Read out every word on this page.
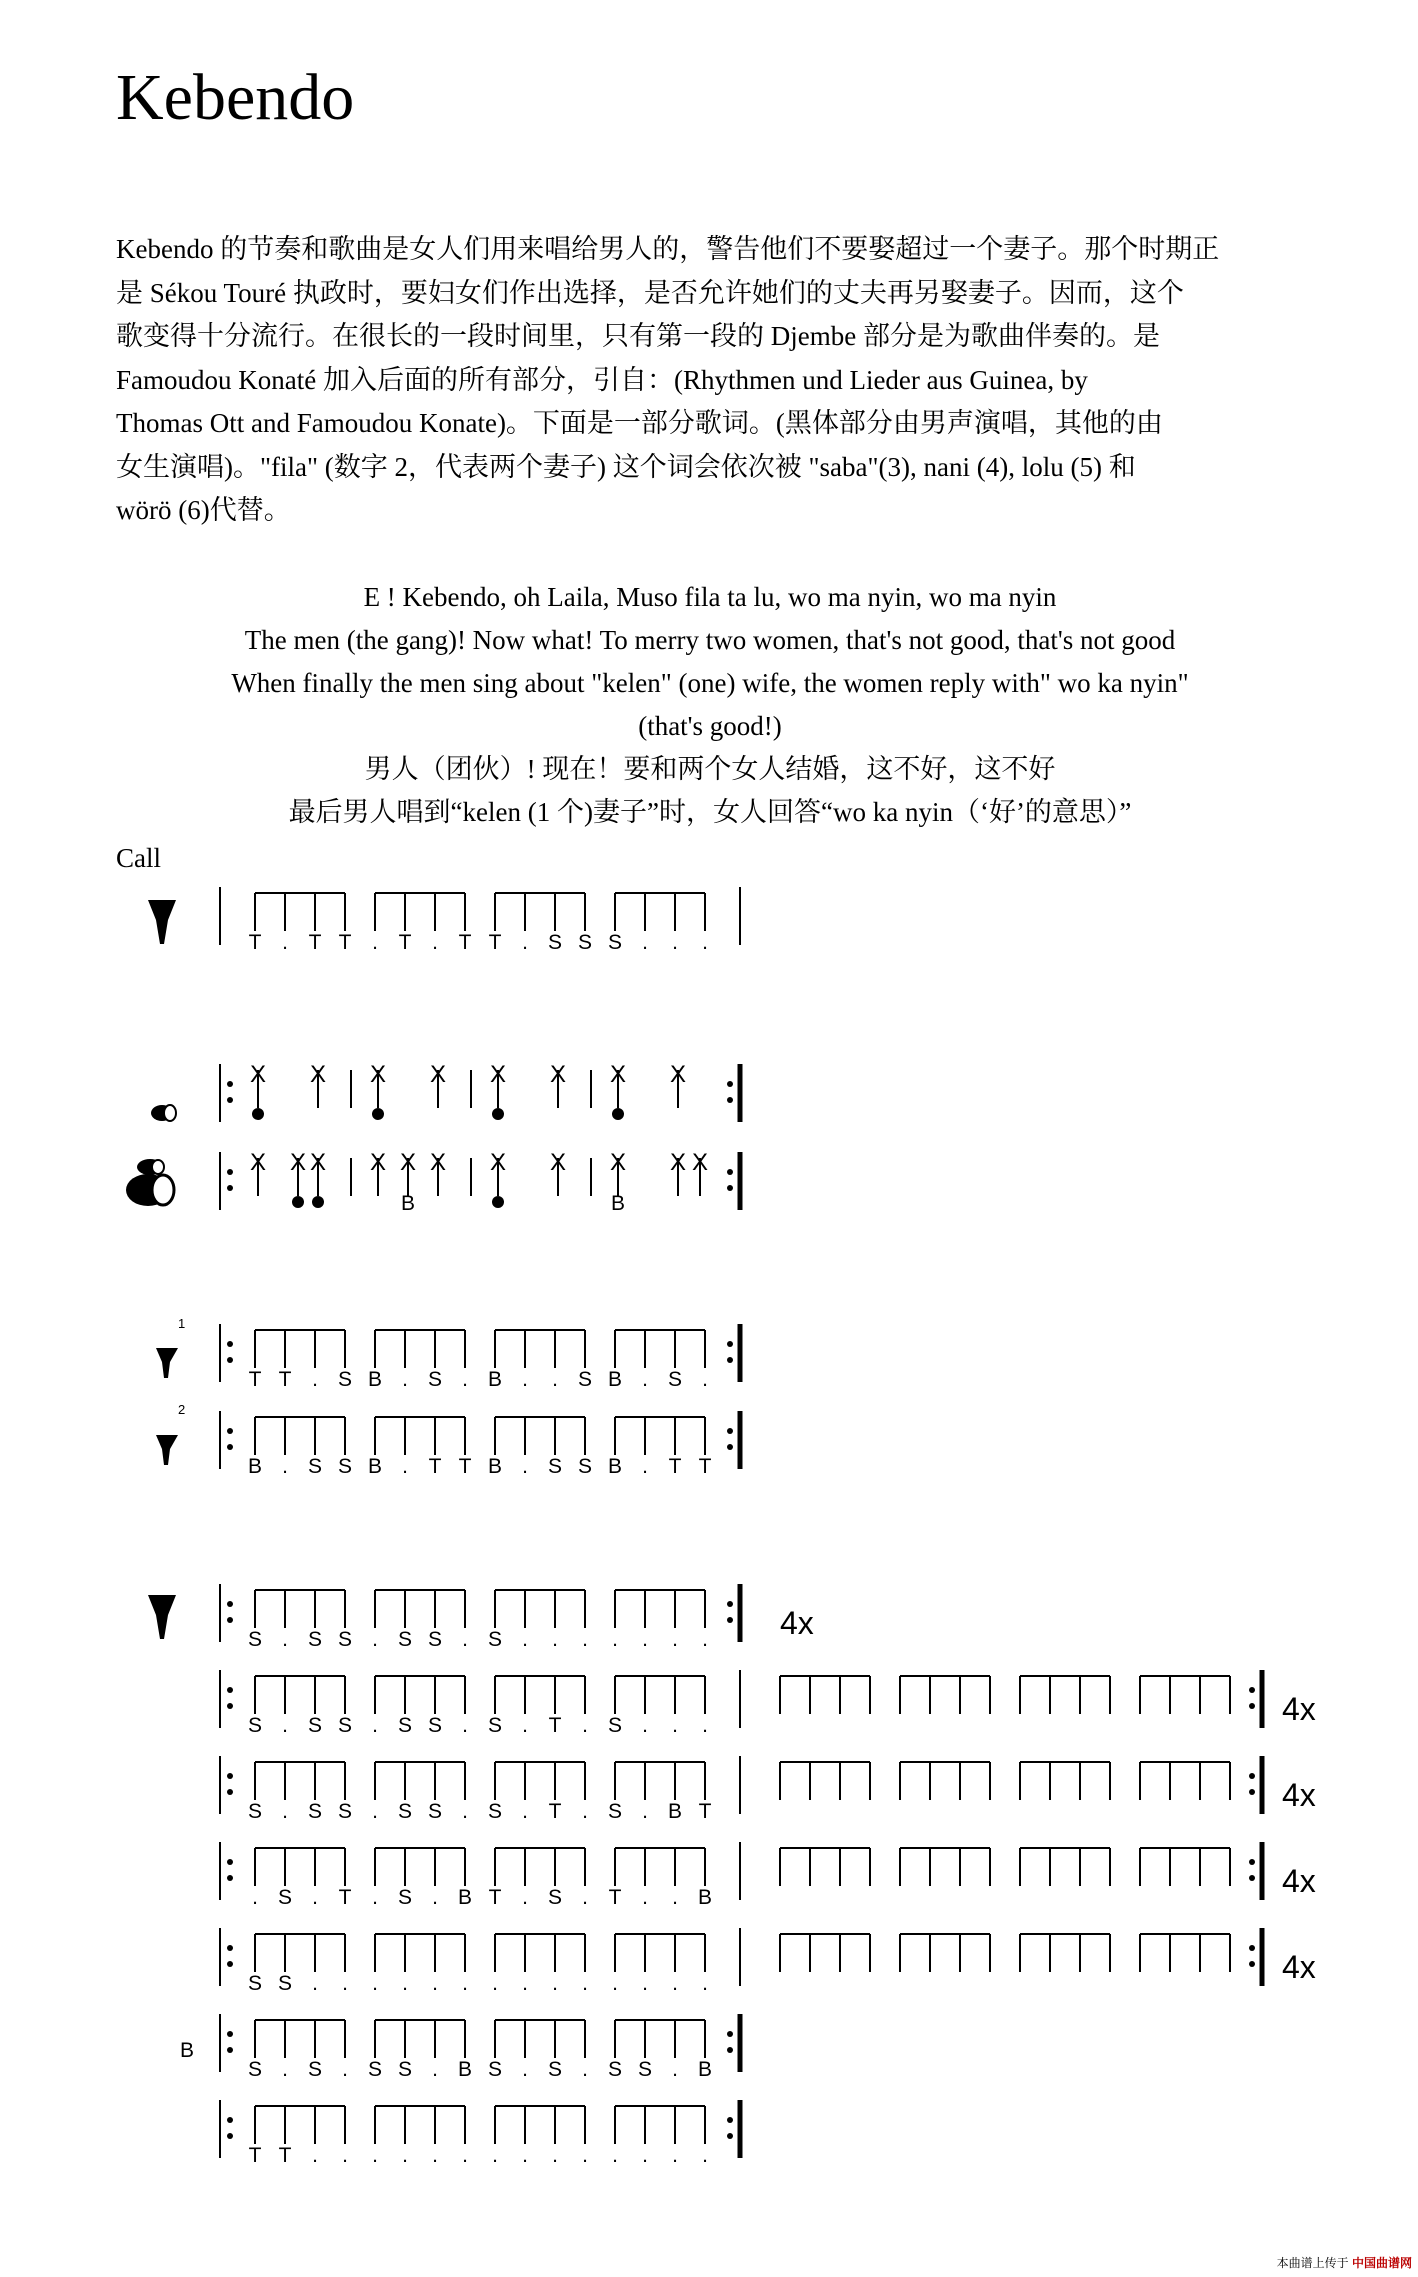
Kebendo
Kebendo 的节奏和歌曲是女人们用来唱给男人的，警告他们不要娶超过一个妻子。那个时期正
是 Sékou Touré 执政时，要妇女们作出选择，是否允许她们的丈夫再另娶妻子。因而，这个
歌变得十分流行。在很长的一段时间里，只有第一段的 Djembe 部分是为歌曲伴奏的。是
Famoudou Konaté 加入后面的所有部分，引自：(Rhythmen und Lieder aus Guinea, by
Thomas Ott and Famoudou Konate)。下面是一部分歌词。(黑体部分由男声演唱，其他的由
女生演唱)。"fila" (数字 2，代表两个妻子) 这个词会依次被 "saba"(3), nani (4), lolu (5) 和
wörö (6)代替。
E ! Kebendo, oh Laila, Muso fila ta lu, wo ma nyin, wo ma nyin
The men (the gang)! Now what! To merry two women, that's not good, that's not good
When finally the men sing about "kelen" (one) wife, the women reply with" wo ka nyin"
(that's good!)
男人（团伙）! 现在！要和两个女人结婚，这不好，这不好
最后男人唱到“kelen (1 个)妻子”时，女人回答“wo ka nyin（‘好’的意思）”
Call
1
2
T . T T . T . T T . S S S . . .
X X X X X X X X
X X X X X
B
X X X X
B
X X
T T . S B . S . B . . S B . S .
B . S S B . T T B . S S B . T T
S . S S . S S . S . . . . . . . 4x
S . S S . S S . S . T . S . . .	4x
S . S S . S S . S . T . S . B T	4x
. S . T . S . B T . S . T . . B	4x
S S . . . . . . . . . . . . . .	4x
S . S . S S . B S . S . S S . B
T T . . . . . . . . . . . . . .
B
本曲谱上传于 中国曲谱网
